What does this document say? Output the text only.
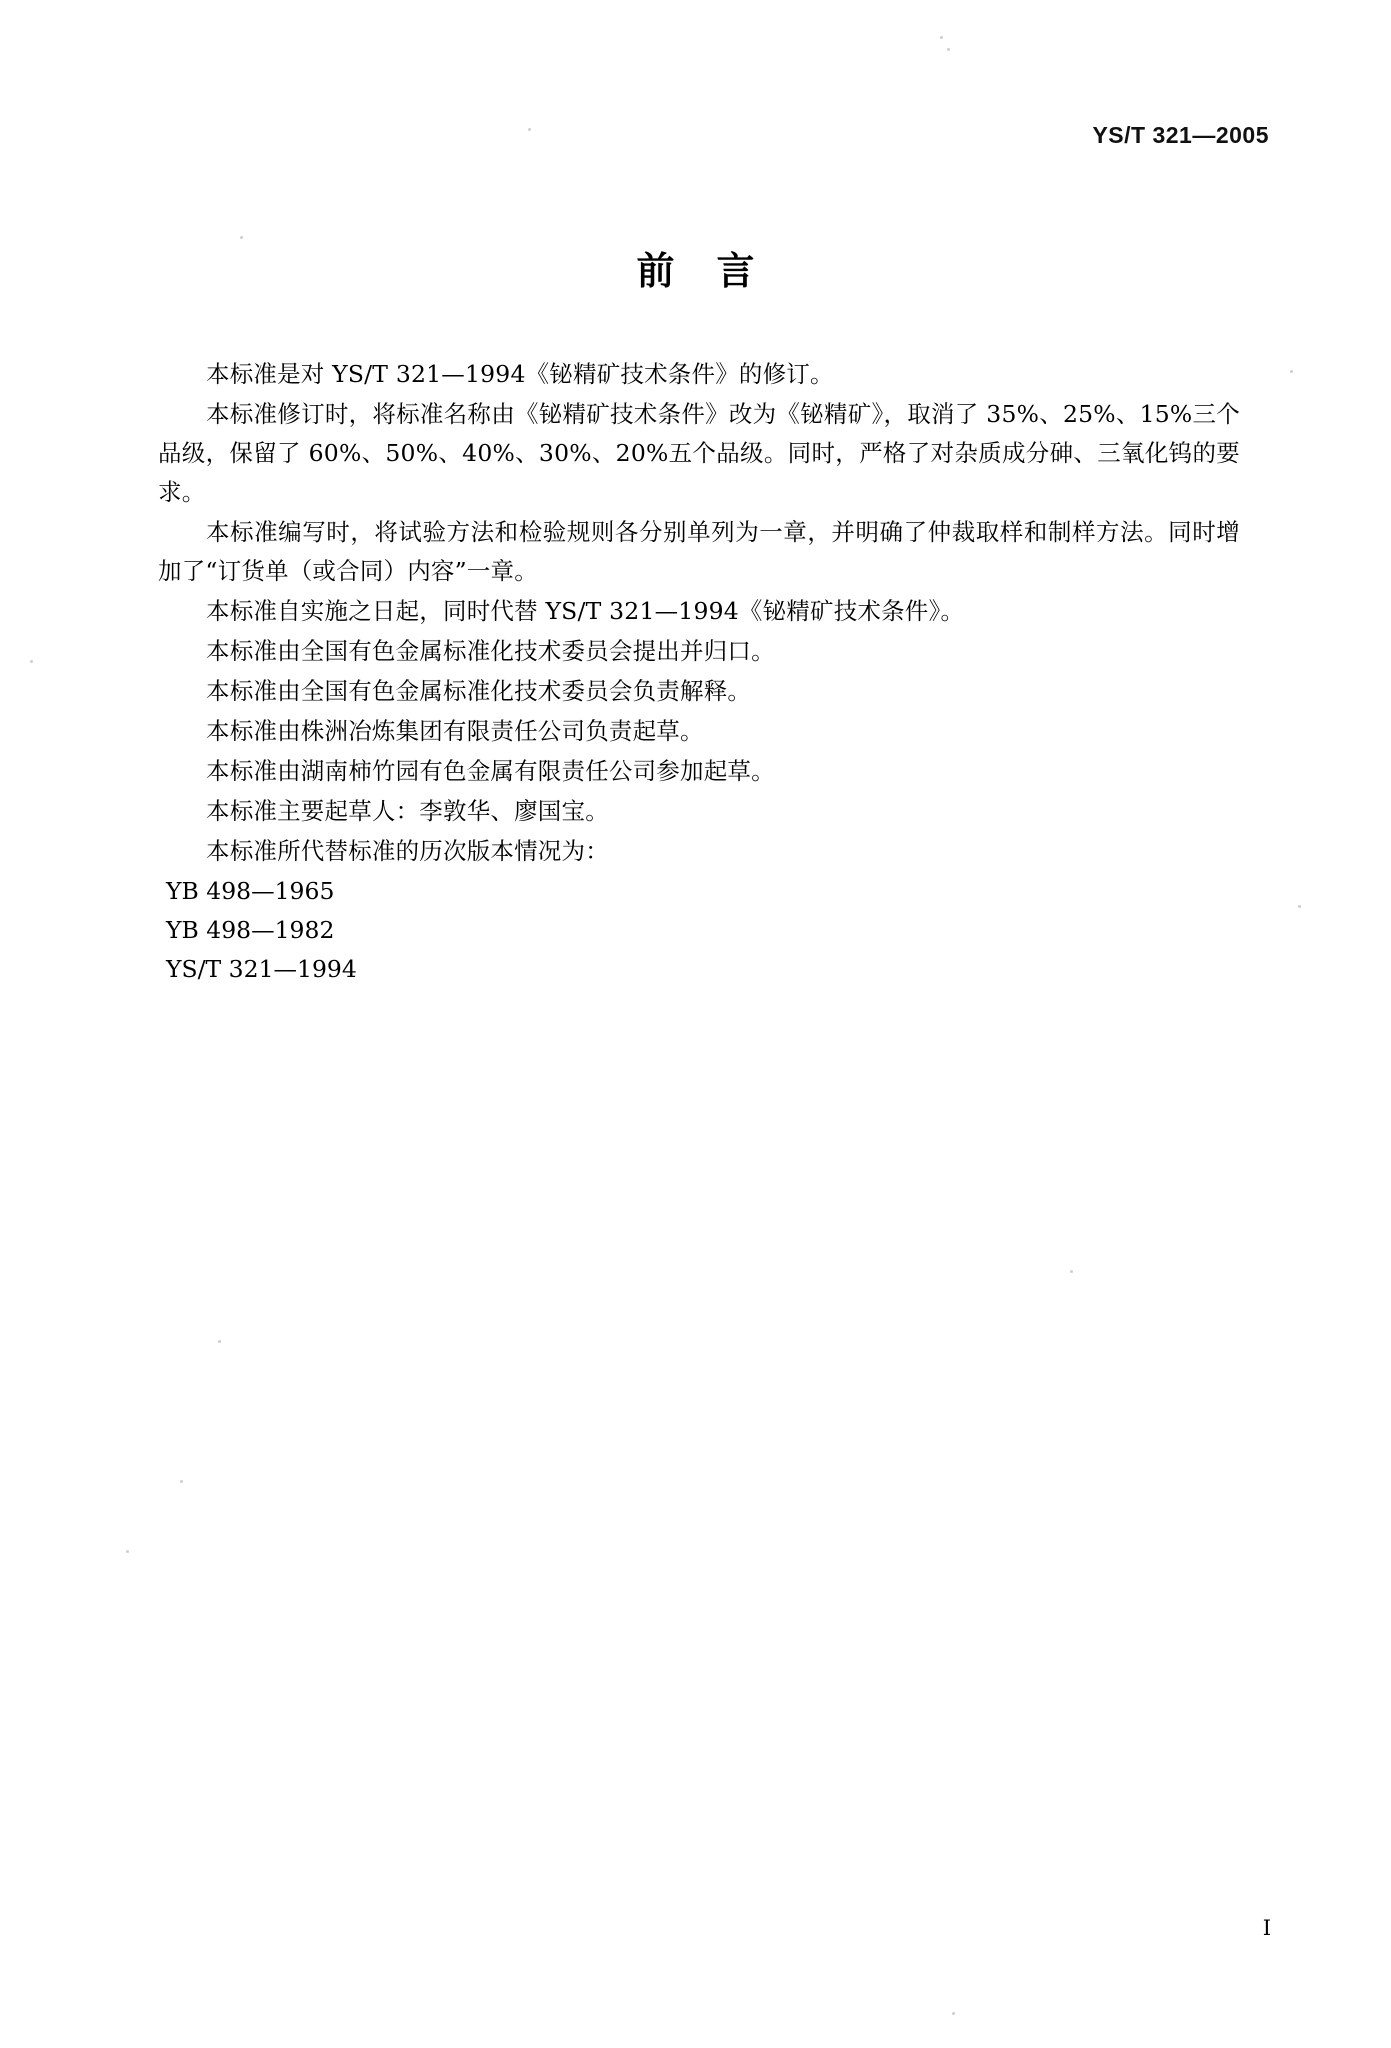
YS/T 321—2005
前言

本标准是对 YS/T 321—1994《铋精矿技术条件》的修订。

本标准修订时，将标准名称由《铋精矿技术条件》改为《铋精矿》，取消了 35%、25%、15%三个品级，保留了 60%、50%、40%、30%、20%五个品级。同时，严格了对杂质成分砷、三氧化钨的要求。

本标准编写时，将试验方法和检验规则各分别单列为一章，并明确了仲裁取样和制样方法。同时增加了“订货单（或合同）内容”一章。

本标准自实施之日起，同时代替 YS/T 321—1994《铋精矿技术条件》。

本标准由全国有色金属标准化技术委员会提出并归口。

本标准由全国有色金属标准化技术委员会负责解释。

本标准由株洲冶炼集团有限责任公司负责起草。

本标准由湖南柿竹园有色金属有限责任公司参加起草。

本标准主要起草人：李敦华、廖国宝。

本标准所代替标准的历次版本情况为：

YB 498—1965

YB 498—1982

YS/T 321—1994

Ⅰ
